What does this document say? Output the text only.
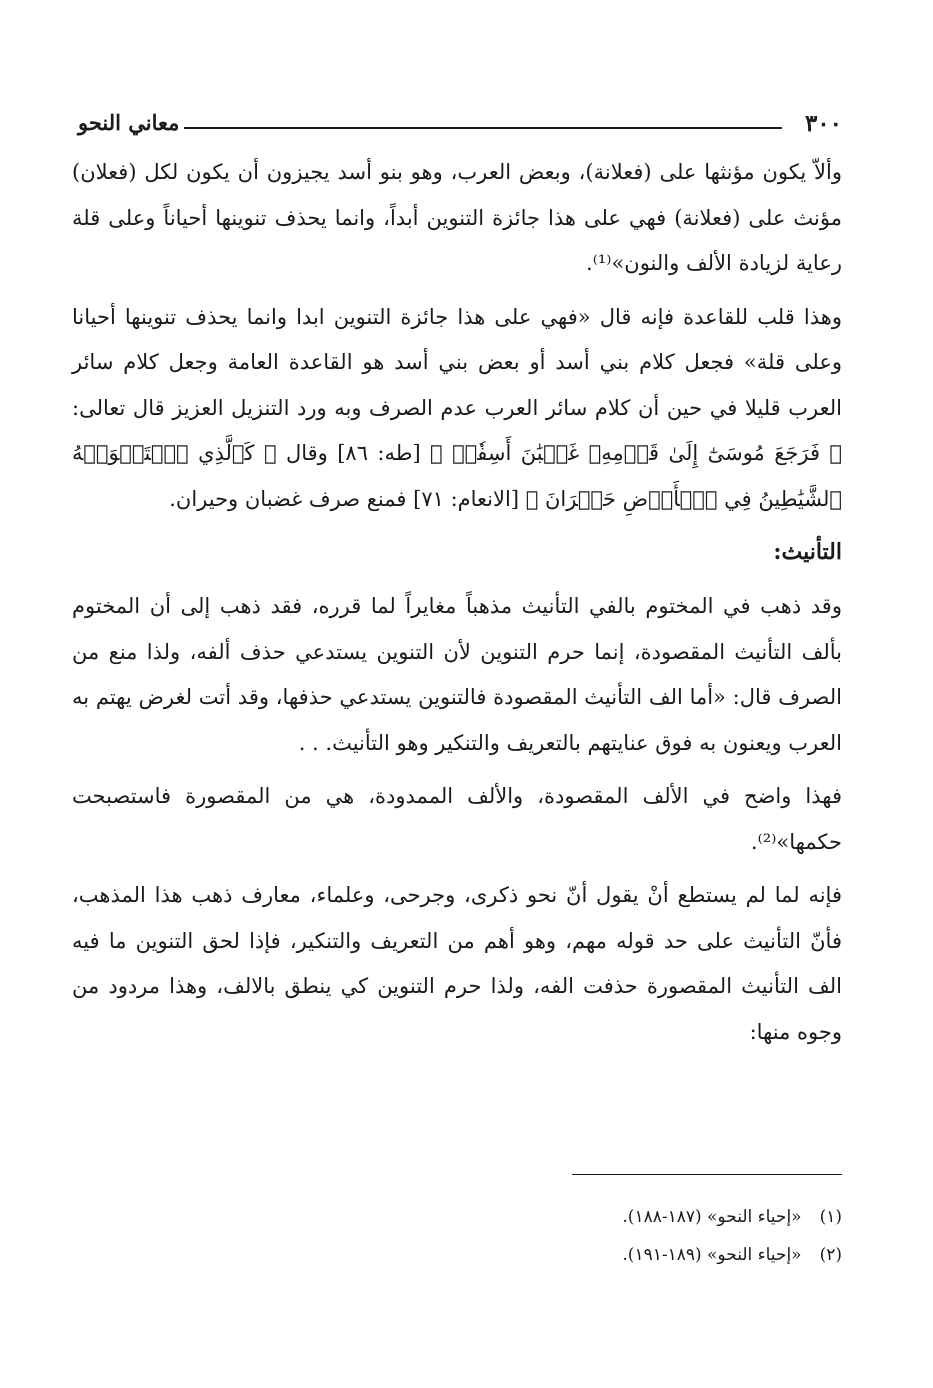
٣٠٠
معاني النحو

وألاّ يكون مؤنثها على (فعلانة)، وبعض العرب، وهو بنو أسد يجيزون أن يكون لكل (فعلان) مؤنث على (فعلانة) فهي على هذا جائزة التنوين أبداً، وانما يحذف تنوينها أحياناً وعلى قلة رعاية لزيادة الألف والنون»⁽¹⁾.

وهذا قلب للقاعدة فإنه قال «فهي على هذا جائزة التنوين ابدا وانما يحذف تنوينها أحيانا وعلى قلة» فجعل كلام بني أسد أو بعض بني أسد هو القاعدة العامة وجعل كلام سائر العرب قليلا في حين أن كلام سائر العرب عدم الصرف وبه ورد التنزيل العزيز قال تعالى: ﴿ فَرَجَعَ مُوسَىٰٓ إِلَىٰ قَوۡمِهِۦ غَضۡبَٰنَ أَسِفٗاۚ ﴾ [طه: ٨٦] وقال ﴿ كَٱلَّذِي ٱسۡتَهۡوَتۡهُ ٱلشَّيَٰطِينُ فِي ٱلۡأَرۡضِ حَيۡرَانَ ﴾ [الانعام: ٧١] فمنع صرف غضبان وحيران.

التأنيث:

وقد ذهب في المختوم بالفي التأنيث مذهباً مغايراً لما قرره، فقد ذهب إلى أن المختوم بألف التأنيث المقصودة، إنما حرم التنوين لأن التنوين يستدعي حذف ألفه، ولذا منع من الصرف قال: «أما الف التأنيث المقصودة فالتنوين يستدعي حذفها، وقد أتت لغرض يهتم به العرب ويعنون به فوق عنايتهم بالتعريف والتنكير وهو التأنيث. . .

فهذا واضح في الألف المقصودة، والألف الممدودة، هي من المقصورة فاستصبحت حكمها»⁽²⁾.

فإنه لما لم يستطع أنْ يقول أنّ نحو ذكرى، وجرحى، وعلماء، معارف ذهب هذا المذهب، فأنّ التأنيث على حد قوله مهم، وهو أهم من التعريف والتنكير، فإذا لحق التنوين ما فيه الف التأنيث المقصورة حذفت الفه، ولذا حرم التنوين كي ينطق بالالف، وهذا مردود من وجوه منها:

(١)
«إحياء النحو» (١٨٧-١٨٨).
(٢)
«إحياء النحو» (١٨٩-١٩١).
